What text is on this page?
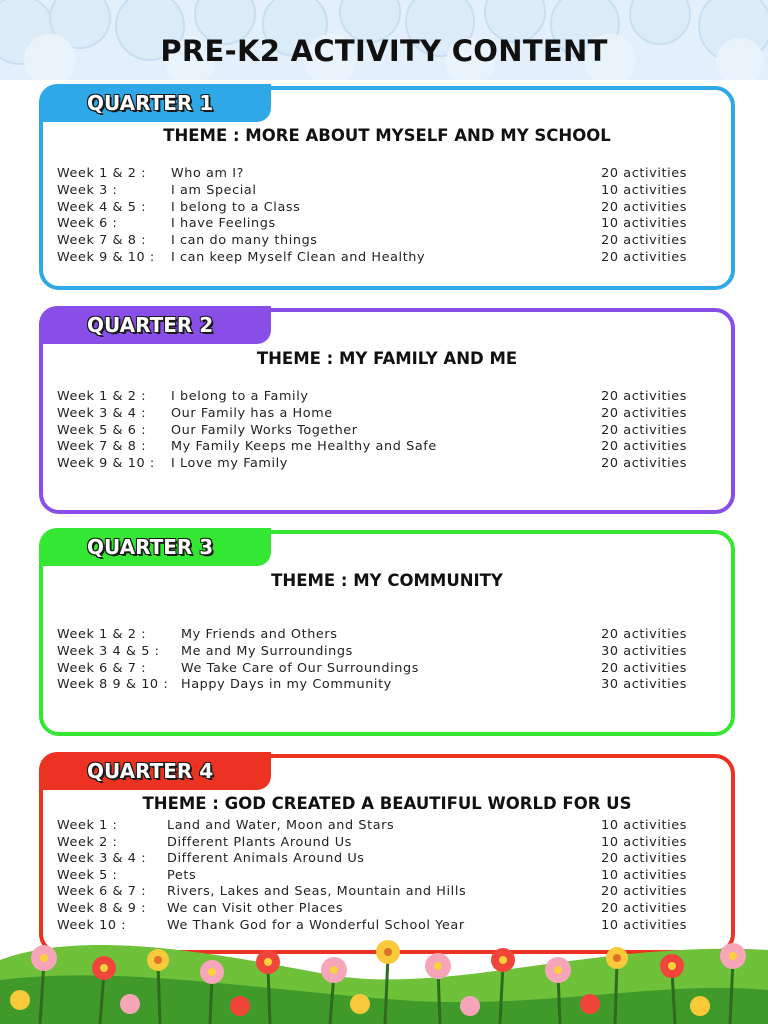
PRE-K2 ACTIVITY CONTENT
QUARTER 1
THEME : MORE ABOUT MYSELF AND MY SCHOOL
Week 1 & 2 : Who am I?	20 activities
Week 3 :	I am Special	10 activities
Week 4 & 5 : I belong to a Class	20 activities
Week 6 :	I have Feelings	10 activities
Week 7 & 8 : I can do many things	20 activities
Week 9 & 10 : I can keep Myself Clean and Healthy	20 activities
QUARTER 2
THEME : MY FAMILY AND ME
Week 1 & 2 : I belong to a Family	20 activities
Week 3 & 4 : Our Family has a Home	20 activities
Week 5 & 6 : Our Family Works Together	20 activities
Week 7 & 8 : My Family Keeps me Healthy and Safe	20 activities
Week 9 & 10 : I Love my Family	20 activities
QUARTER 3
THEME : MY COMMUNITY
Week 1 & 2 :	My Friends and Others	20 activities
Week 3 4 & 5 : Me and My Surroundings	30 activities
Week 6 & 7 :	We Take Care of Our Surroundings	20 activities
Week 8 9 & 10 : Happy Days in my Community	30 activities
QUARTER 4
THEME : GOD CREATED A BEAUTIFUL WORLD FOR US
Week 1 :	Land and Water, Moon and Stars	10 activities
Week 2 :	Different Plants Around Us	10 activities
Week 3 & 4 : Different Animals Around Us	20 activities
Week 5 :	Pets	10 activities
Week 6 & 7 : Rivers, Lakes and Seas, Mountain and Hills	20 activities
Week 8 & 9 : We can Visit other Places	20 activities
Week 10 :	We Thank God for a Wonderful School Year	10 activities
